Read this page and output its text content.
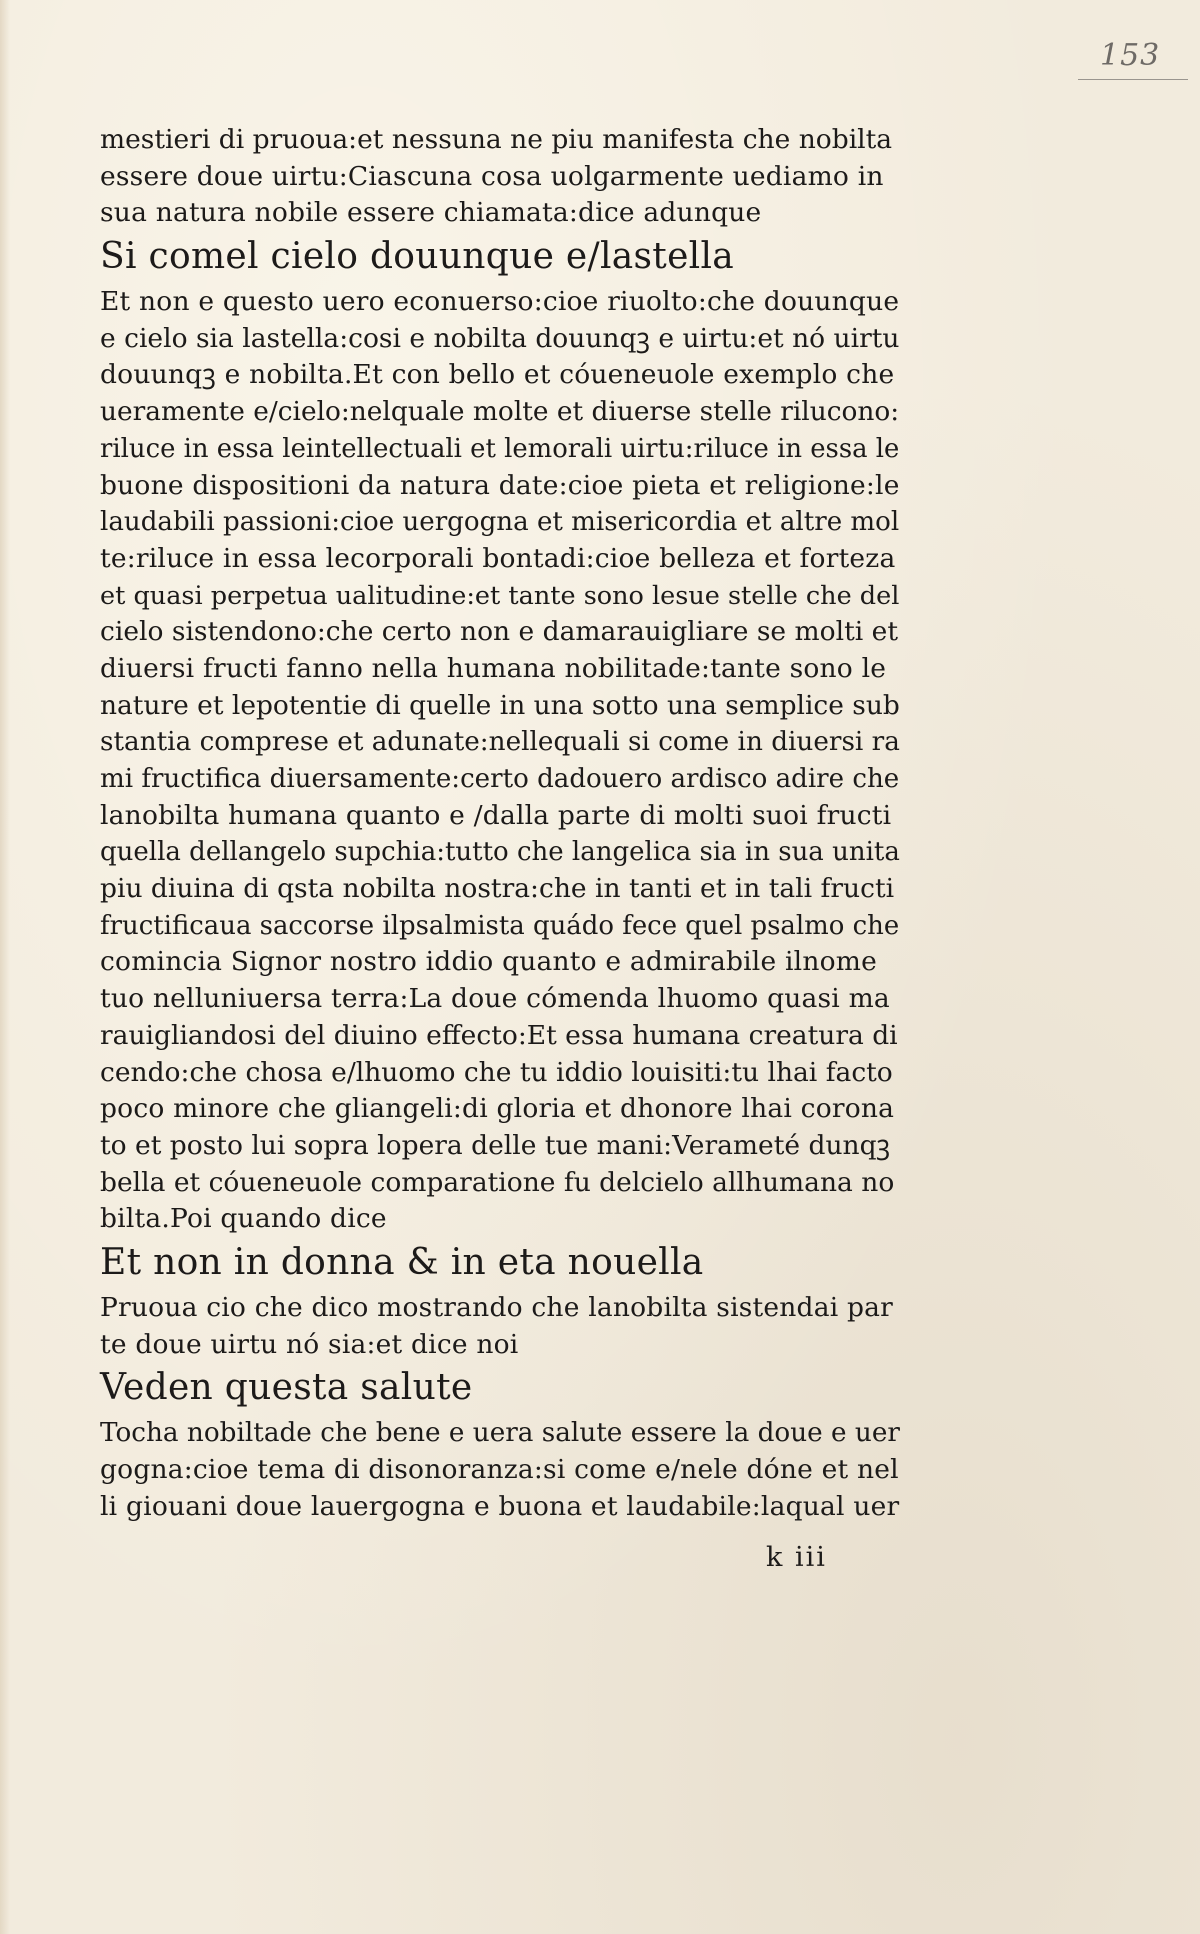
153
mestieri di pruoua:et nessuna ne piu manifesta che nobilta
essere doue uirtu:Ciascuna cosa uolgarmente uediamo in
sua natura nobile essere chiamata:dice adunque
Si comel cielo douunque e/lastella
Et non e questo uero econuerso:cioe riuolto:che douunque
e cielo sia lastella:cosi e nobilta douunqꝫ e uirtu:et nó uirtu
douunqꝫ e nobilta.Et con bello et cóueneuole exemplo che
ueramente e/cielo:nelquale molte et diuerse stelle rilucono:
riluce in essa leintellectuali et lemorali uirtu:riluce in essa le
buone dispositioni da natura date:cioe pieta et religione:le
laudabili passioni:cioe uergogna et misericordia et altre mol
te:riluce in essa lecorporali bontadi:cioe belleza et forteza
et quasi perpetua ualitudine:et tante sono lesue stelle che del
cielo sistendono:che certo non e damarauigliare se molti et
diuersi fructi fanno nella humana nobilitade:tante sono le
nature et lepotentie di quelle in una sotto una semplice sub
stantia comprese et adunate:nellequali si come in diuersi ra
mi fructifica diuersamente:certo dadouero ardisco adire che
lanobilta humana quanto e /dalla parte di molti suoi fructi
quella dellangelo supchia:tutto che langelica sia in sua unita
piu diuina di qsta nobilta nostra:che in tanti et in tali fructi
fructificaua saccorse ilpsalmista quádo fece quel psalmo che
comincia Signor nostro iddio quanto e admirabile ilnome
tuo nelluniuersa terra:La doue cómenda lhuomo quasi ma
rauigliandosi del diuino effecto:Et essa humana creatura di
cendo:che chosa e/lhuomo che tu iddio louisiti:tu lhai facto
poco minore che gliangeli:di gloria et dhonore lhai corona
to et posto lui sopra lopera delle tue mani:Verameté dunqꝫ
bella et cóueneuole comparatione fu delcielo allhumana no
bilta.Poi quando dice
Et non in donna & in eta nouella
Pruoua cio che dico mostrando che lanobilta sistendai par
te doue uirtu nó sia:et dice noi
Veden questa salute
Tocha nobiltade che bene e uera salute essere la doue e uer
gogna:cioe tema di disonoranza:si come e/nele dóne et nel
li giouani doue lauergogna e buona et laudabile:laqual uer
k iii
